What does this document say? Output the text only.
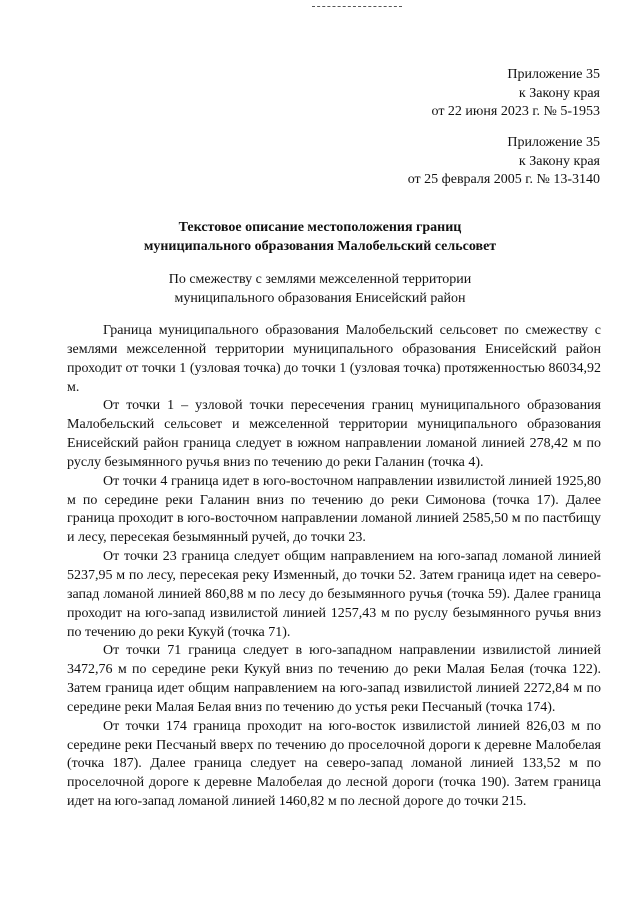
Приложение 35
к Закону края
от 22 июня 2023 г. № 5-1953
Приложение 35
к Закону края
от 25 февраля 2005 г. № 13-3140
Текстовое описание местоположения границ
муниципального образования Малобельский сельсовет
По смежеству с землями межселенной территории
муниципального образования Енисейский район

Граница муниципального образования Малобельский сельсовет по смежеству с землями межселенной территории муниципального образования Енисейский район проходит от точки 1 (узловая точка) до точки 1 (узловая точка) протяженностью 86034,92 м.

От точки 1 – узловой точки пересечения границ муниципального образования Малобельский сельсовет и межселенной территории муниципального образования Енисейский район граница следует в южном направлении ломаной линией 278,42 м по руслу безымянного ручья вниз по течению до реки Галанин (точка 4).

От точки 4 граница идет в юго-восточном направлении извилистой линией 1925,80 м по середине реки Галанин вниз по течению до реки Симонова (точка 17). Далее граница проходит в юго-восточном направлении ломаной линией 2585,50 м по пастбищу и лесу, пересекая безымянный ручей, до точки 23.

От точки 23 граница следует общим направлением на юго-запад ломаной линией 5237,95 м по лесу, пересекая реку Изменный, до точки 52. Затем граница идет на северо-запад ломаной линией 860,88 м по лесу до безымянного ручья (точка 59). Далее граница проходит на юго-запад извилистой линией 1257,43 м по руслу безымянного ручья вниз по течению до реки Кукуй (точка 71).

От точки 71 граница следует в юго-западном направлении извилистой линией 3472,76 м по середине реки Кукуй вниз по течению до реки Малая Белая (точка 122). Затем граница идет общим направлением на юго-запад извилистой линией 2272,84 м по середине реки Малая Белая вниз по течению до устья реки Песчаный (точка 174).

От точки 174 граница проходит на юго-восток извилистой линией 826,03 м по середине реки Песчаный вверх по течению до проселочной дороги к деревне Малобелая (точка 187). Далее граница следует на северо-запад ломаной линией 133,52 м по проселочной дороге к деревне Малобелая до лесной дороги (точка 190). Затем граница идет на юго-запад ломаной линией 1460,82 м по лесной дороге до точки 215.
